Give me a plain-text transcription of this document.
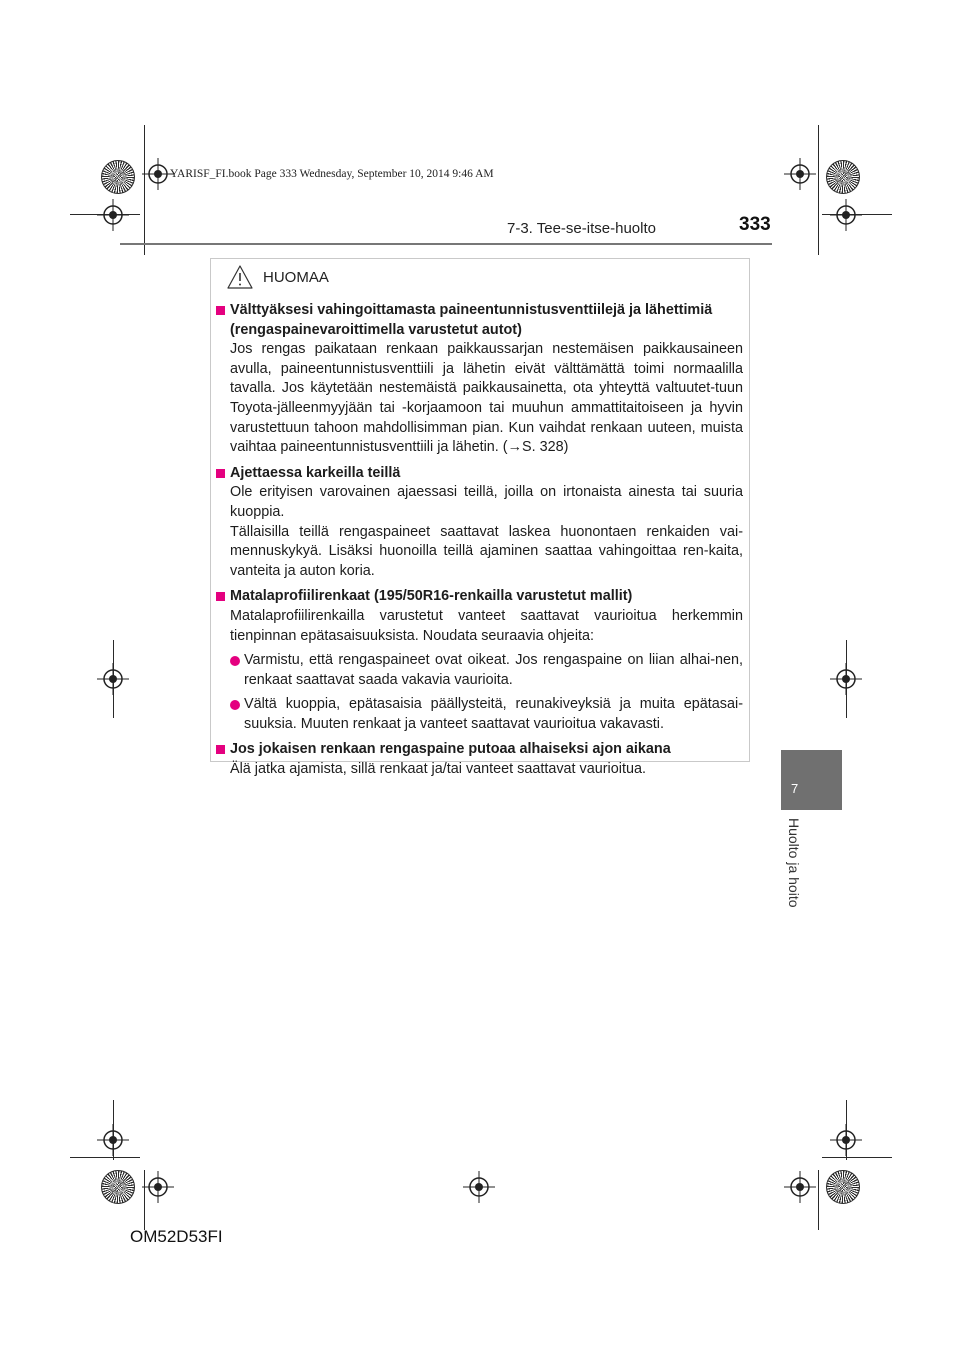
YARISF_FI.book Page 333 Wednesday, September 10, 2014 9:46 AM
7-3. Tee-se-itse-huolto	333
7
Huolto ja hoito
HUOMAA
Välttyäksesi vahingoittamasta paineentunnistusventtiilejä ja lähettimiä (rengaspainevaroittimella varustetut autot)

Jos rengas paikataan renkaan paikkaussarjan nestemäisen paikkausaineen avulla, paineentunnistusventtiili ja lähetin eivät välttämättä toimi normaalilla tavalla. Jos käytetään nestemäistä paikkausainetta, ota yhteyttä valtuutet-tuun Toyota-jälleenmyyjään tai -korjaamoon tai muuhun ammattitaitoiseen ja hyvin varustettuun tahoon mahdollisimman pian. Kun vaihdat renkaan uuteen, muista vaihtaa paineentunnistusventtiili ja lähetin. (→S. 328)

Ajettaessa karkeilla teillä

Ole erityisen varovainen ajaessasi teillä, joilla on irtonaista ainesta tai suuria kuoppia.

Tällaisilla teillä rengaspaineet saattavat laskea huonontaen renkaiden vai-mennuskykyä. Lisäksi huonoilla teillä ajaminen saattaa vahingoittaa ren-kaita, vanteita ja auton koria.

Matalaprofiilirenkaat (195/50R16-renkailla varustetut mallit)

Matalaprofiilirenkailla varustetut vanteet saattavat vaurioitua herkemmin tienpinnan epätasaisuuksista. Noudata seuraavia ohjeita:

Varmistu, että rengaspaineet ovat oikeat. Jos rengaspaine on liian alhai-nen, renkaat saattavat saada vakavia vaurioita.

Vältä kuoppia, epätasaisia päällysteitä, reunakiveyksiä ja muita epätasai-suuksia. Muuten renkaat ja vanteet saattavat vaurioitua vakavasti.

Jos jokaisen renkaan rengaspaine putoaa alhaiseksi ajon aikana

Älä jatka ajamista, sillä renkaat ja/tai vanteet saattavat vaurioitua.

OM52D53FI
